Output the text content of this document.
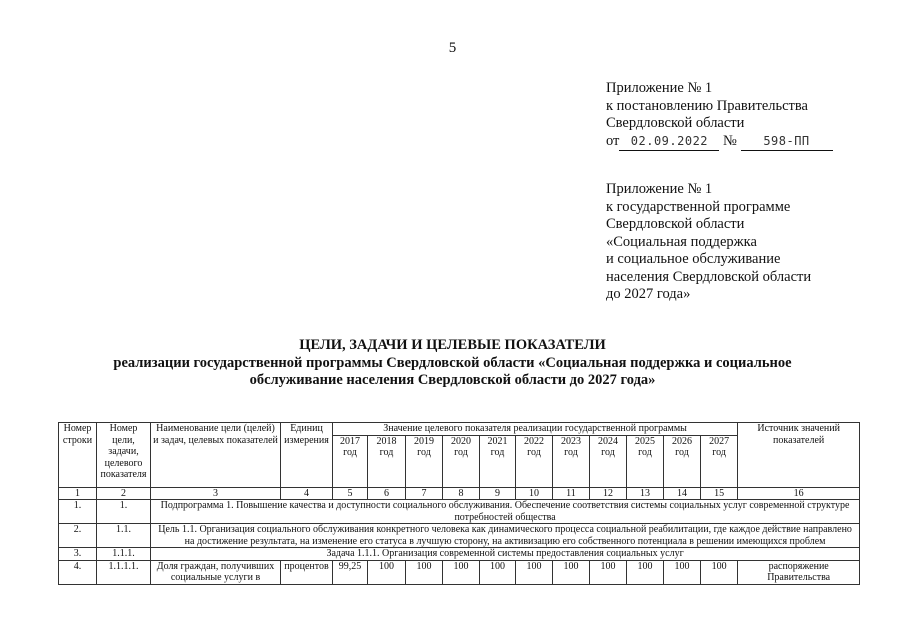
5
Приложение № 1
к постановлению Правительства
Свердловской области
от 02.09.2022 № 598-ПП
Приложение № 1
к государственной программе
Свердловской области
«Социальная поддержка
и социальное обслуживание
населения Свердловской области
до 2027 года»
ЦЕЛИ, ЗАДАЧИ И ЦЕЛЕВЫЕ ПОКАЗАТЕЛИ
реализации государственной программы Свердловской области «Социальная поддержка и социальное
обслуживание населения Свердловской области до 2027 года»
Номер строки	Номер цели, задачи, целевого показателя	Наименование цели (целей) и задач, целевых показателей	Единиц измерения	Значение целевого показателя реализации государственной программы											Источник значений показателей
				2017 год	2018 год	2019 год	2020 год	2021 год	2022 год	2023 год	2024 год	2025 год	2026 год	2027 год	
1	2	3	4	5	6	7	8	9	10	11	12	13	14	15	16
1.	1.	Подпрограмма 1. Повышение качества и доступности социального обслуживания. Обеспечение соответствия системы социальных услуг современной структуре потребностей общества													
2.	1.1.	Цель 1.1. Организация социального обслуживания конкретного человека как динамического процесса социальной реабилитации, где каждое действие направлено на достижение результата, на изменение его статуса в лучшую сторону, на активизацию его собственного потенциала в решении имеющихся проблем													
3.	1.1.1.	Задача 1.1.1. Организация современной системы предоставления социальных услуг													
4.	1.1.1.1.	Доля граждан, получивших социальные услуги в	процентов	99,25	100	100	100	100	100	100	100	100	100	100	распоряжение Правительства
